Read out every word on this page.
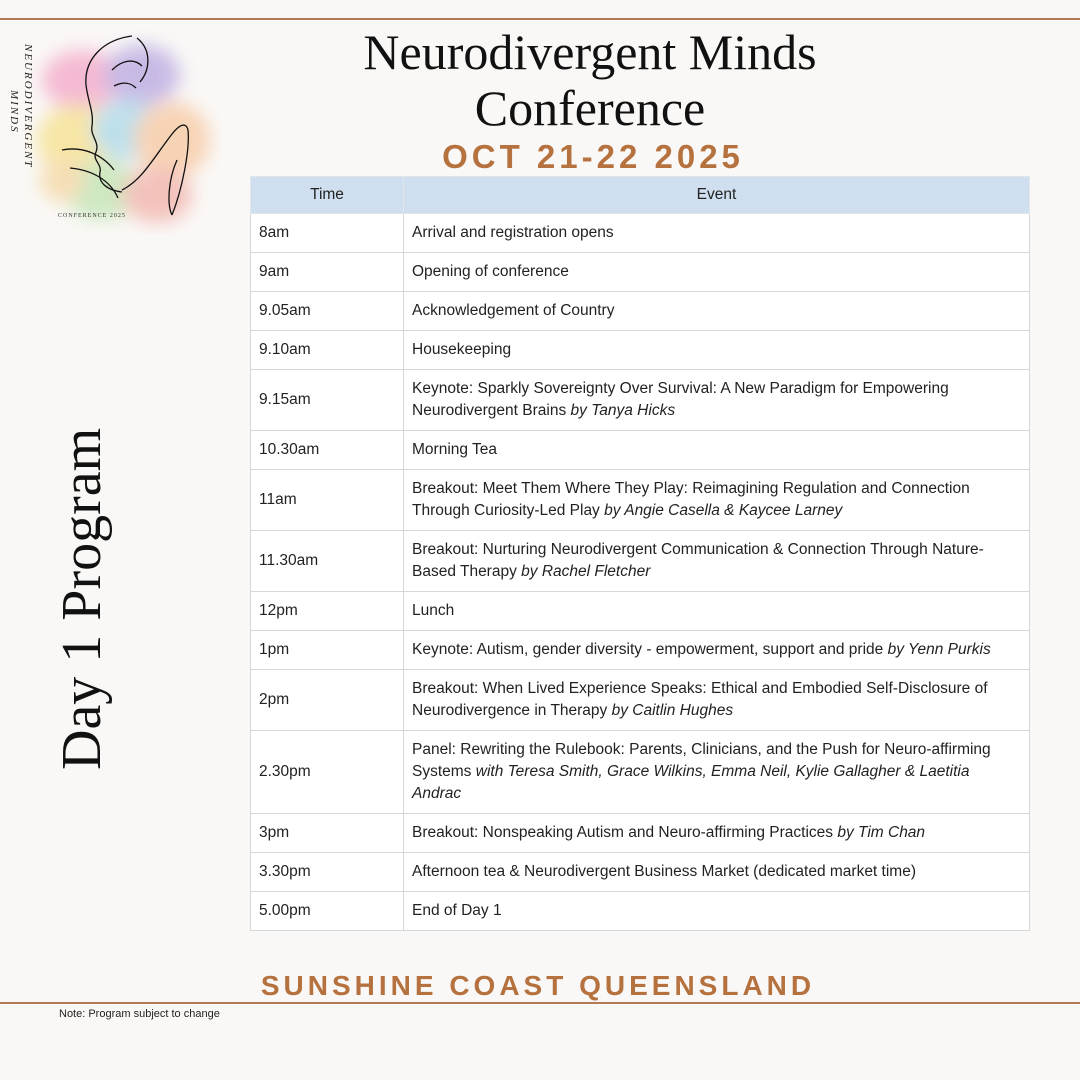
NEURODIVERGENT
MINDS
CONFERENCE 2025
Neurodivergent Minds
Conference
OCT 21-22 2025
Day 1 Program
Time	Event
8am	Arrival and registration opens
9am	Opening of conference
9.05am	Acknowledgement of Country
9.10am	Housekeeping
9.15am	Keynote: Sparkly Sovereignty Over Survival: A New Paradigm for Empowering Neurodivergent Brains by Tanya Hicks
10.30am	Morning Tea
11am	Breakout: Meet Them Where They Play: Reimagining Regulation and Connection Through Curiosity-Led Play by Angie Casella & Kaycee Larney
11.30am	Breakout: Nurturing Neurodivergent Communication & Connection Through Nature-Based Therapy by Rachel Fletcher
12pm	Lunch
1pm	Keynote: Autism, gender diversity - empowerment, support and pride by Yenn Purkis
2pm	Breakout: When Lived Experience Speaks: Ethical and Embodied Self-Disclosure of Neurodivergence in Therapy by Caitlin Hughes
2.30pm	Panel: Rewriting the Rulebook: Parents, Clinicians, and the Push for Neuro-affirming Systems with Teresa Smith, Grace Wilkins, Emma Neil, Kylie Gallagher & Laetitia Andrac
3pm	Breakout: Nonspeaking Autism and Neuro-affirming Practices by Tim Chan
3.30pm	Afternoon tea & Neurodivergent Business Market (dedicated market time)
5.00pm	End of Day 1
SUNSHINE COAST QUEENSLAND
Note: Program subject to change
